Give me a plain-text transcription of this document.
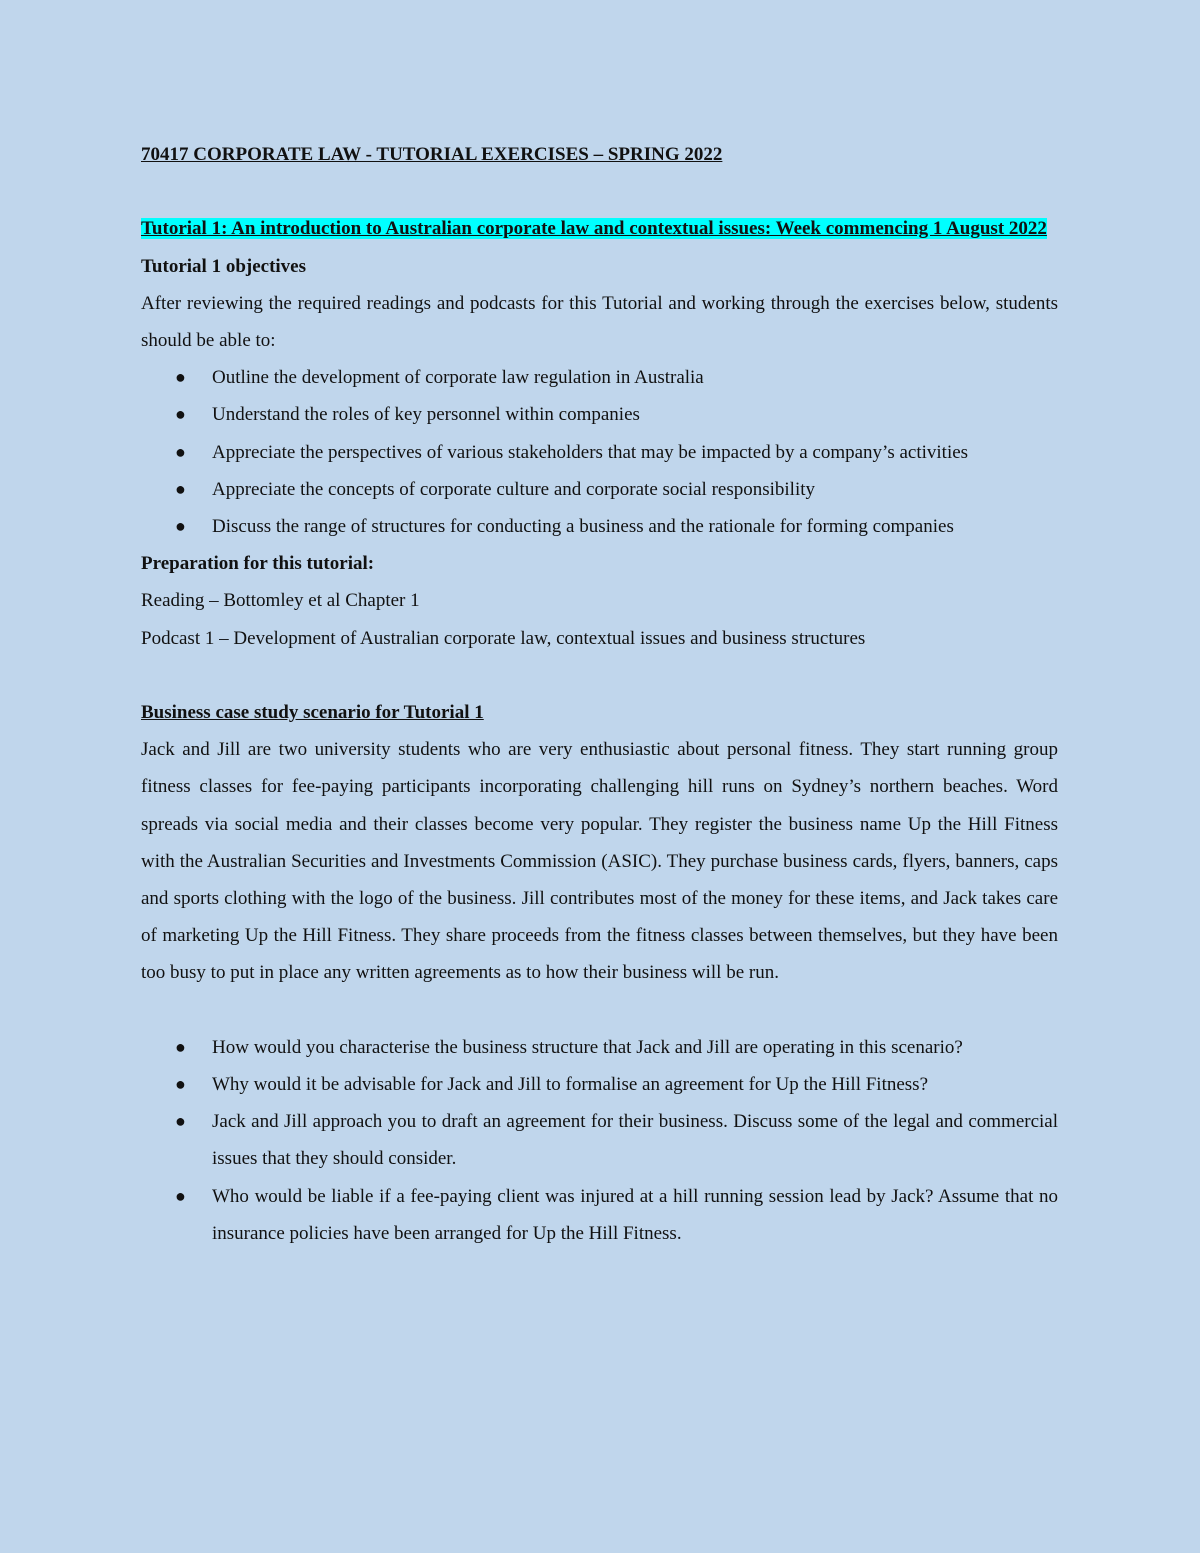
70417 CORPORATE LAW - TUTORIAL EXERCISES – SPRING 2022

Tutorial 1: An introduction to Australian corporate law and contextual issues: Week commencing 1 August 2022

Tutorial 1 objectives

After reviewing the required readings and podcasts for this Tutorial and working through the exercises below, students should be able to:

● Outline the development of corporate law regulation in Australia
● Understand the roles of key personnel within companies
● Appreciate the perspectives of various stakeholders that may be impacted by a company’s activities
● Appreciate the concepts of corporate culture and corporate social responsibility
● Discuss the range of structures for conducting a business and the rationale for forming companies

Preparation for this tutorial:

Reading – Bottomley et al Chapter 1

Podcast 1 – Development of Australian corporate law, contextual issues and business structures

Business case study scenario for Tutorial 1

Jack and Jill are two university students who are very enthusiastic about personal fitness. They start running group fitness classes for fee-paying participants incorporating challenging hill runs on Sydney’s northern beaches. Word spreads via social media and their classes become very popular. They register the business name Up the Hill Fitness with the Australian Securities and Investments Commission (ASIC). They purchase business cards, flyers, banners, caps and sports clothing with the logo of the business. Jill contributes most of the money for these items, and Jack takes care of marketing Up the Hill Fitness. They share proceeds from the fitness classes between themselves, but they have been too busy to put in place any written agreements as to how their business will be run.

● How would you characterise the business structure that Jack and Jill are operating in this scenario?
● Why would it be advisable for Jack and Jill to formalise an agreement for Up the Hill Fitness?
● Jack and Jill approach you to draft an agreement for their business. Discuss some of the legal and commercial issues that they should consider.
● Who would be liable if a fee-paying client was injured at a hill running session lead by Jack? Assume that no insurance policies have been arranged for Up the Hill Fitness.
